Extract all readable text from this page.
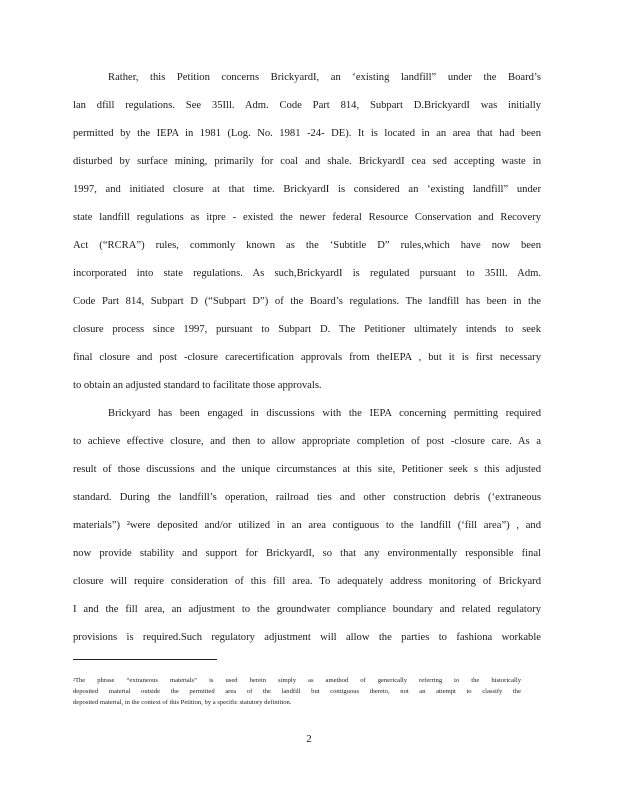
Rather, this Petition concerns BrickyardI, an ‘existing landfill” under the Board’s
lan dfill regulations. See 35Ill. Adm. Code Part 814, Subpart D.BrickyardI was initially
permitted by the IEPA in 1981 (Log. No. 1981 -24- DE). It is located in an area that had been
disturbed by surface mining, primarily for coal and shale. BrickyardI cea sed accepting waste in
1997, and initiated closure at that time. BrickyardI is considered an ‘existing landfill” under
state landfill regulations as itpre - existed the newer federal Resource Conservation and Recovery
Act (“RCRA”) rules, commonly known as the ‘Subtitle D” rules,which have now been
incorporated into state regulations. As such,BrickyardI is regulated pursuant to 35Ill. Adm.
Code Part 814, Subpart D (“Subpart D”) of the Board’s regulations. The landfill has been in the
closure process since 1997, pursuant to Subpart D. The Petitioner ultimately intends to seek
final closure and post -closure carecertification approvals from theIEPA , but it is first necessary
to obtain an adjusted standard to facilitate those approvals.
Brickyard has been engaged in discussions with the IEPA concerning permitting required
to achieve effective closure, and then to allow appropriate completion of post -closure care. As a
result of those discussions and the unique circumstances at this site, Petitioner seek s this adjusted
standard. During the landfill’s operation, railroad ties and other construction debris (‘extraneous
materials”) ²were deposited and/or utilized in an area contiguous to the landfill (‘fill area”) , and
now provide stability and support for BrickyardI, so that any environmentally responsible final
closure will require consideration of this fill area. To adequately address monitoring of Brickyard
I and the fill area, an adjustment to the groundwater compliance boundary and related regulatory
provisions is required.Such regulatory adjustment will allow the parties to fashiona workable
²The phrase “extraneous materials” is used herein simply as amethod of generically referring to the historically
deposited material outside the permitted area of the landfill but contiguous thereto, not an attempt to classify the
deposited material, in the context of this Petition, by a specific statutory definition.
2
